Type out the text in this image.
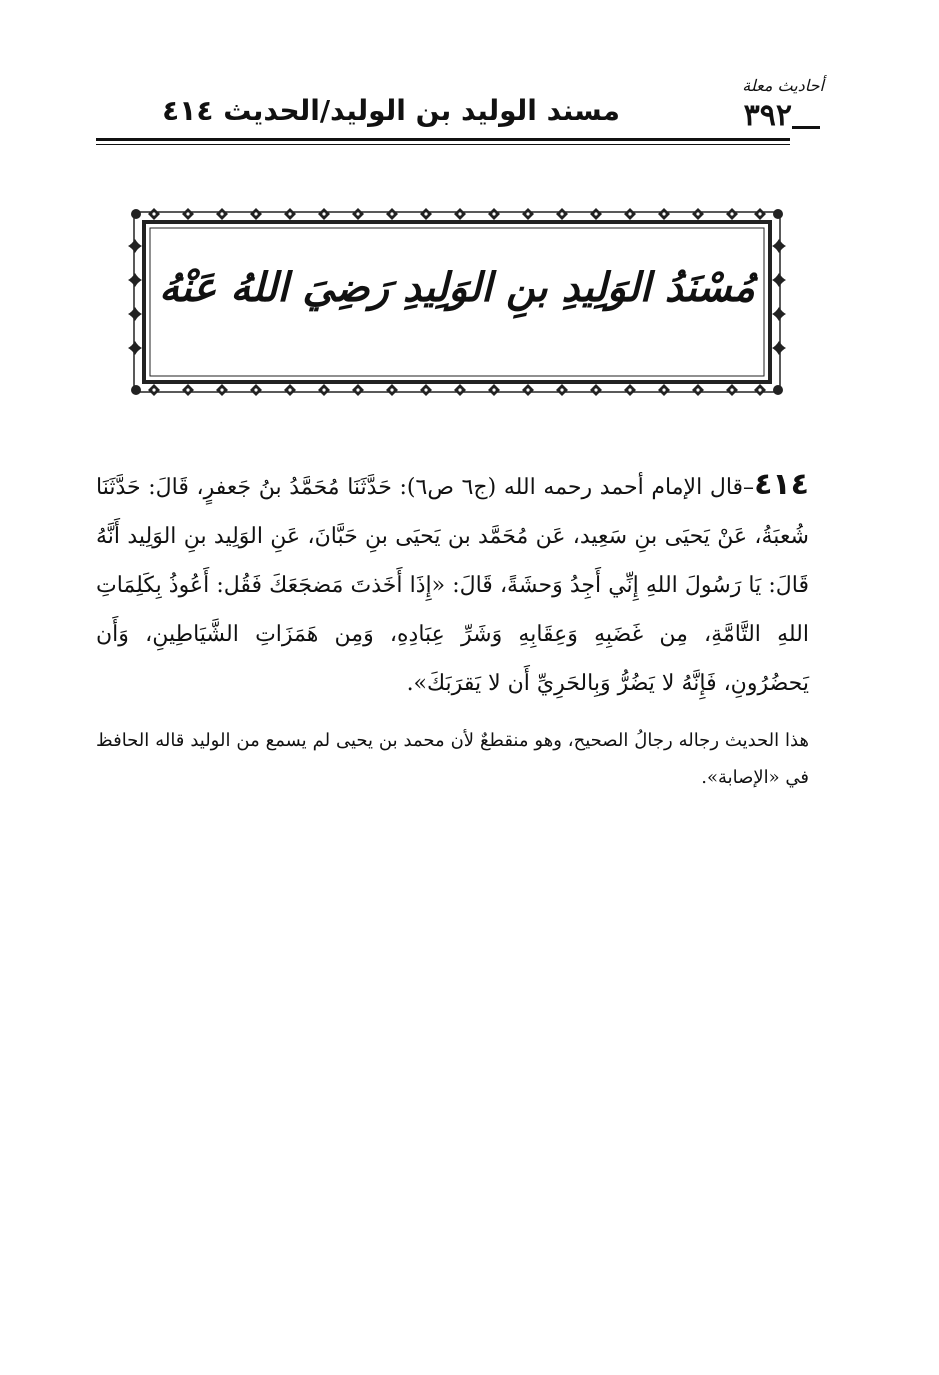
أحاديث معلة
٣٩٢
مسند الوليد بن الوليد/الحديث ٤١٤
مُسْنَدُ الوَلِيدِ بنِ الوَلِيدِ رَضِيَ اللهُ عَنْهُ
٤١٤–قال الإمام أحمد رحمه الله (ج٦ ص٦): حَدَّثَنَا مُحَمَّدُ بنُ جَعفرٍ، قَالَ: حَدَّثَنَا شُعبَةُ، عَنْ يَحيَى بنِ سَعِيد، عَن مُحَمَّد بن يَحيَى بنِ حَبَّانَ، عَنِ الوَلِيد بنِ الوَلِيد أَنَّهُ قَالَ: يَا رَسُولَ اللهِ إِنِّي أَجِدُ وَحشَةً، قَالَ: «إِذَا أَخَذتَ مَضجَعَكَ فَقُل: أَعُوذُ بِكَلِمَاتِ اللهِ التَّامَّةِ، مِن غَضَبِهِ وَعِقَابِهِ وَشَرِّ عِبَادِهِ، وَمِن هَمَزَاتِ الشَّيَاطِينِ، وَأَن يَحضُرُونِ، فَإِنَّهُ لا يَضُرُّ وَبِالحَرِيِّ أَن لا يَقرَبَكَ».
هذا الحديث رجاله رجالُ الصحيح، وهو منقطعٌ لأن محمد بن يحيى لم يسمع من الوليد قاله الحافظ في «الإصابة».
